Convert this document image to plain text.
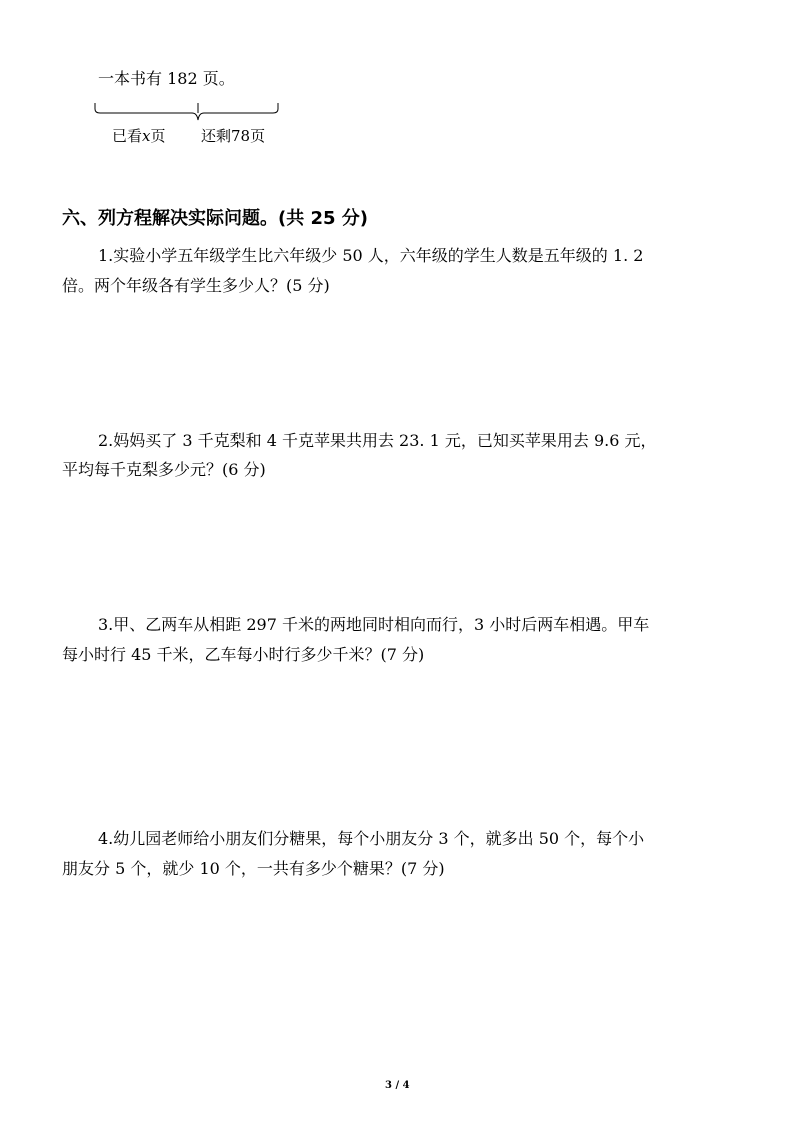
一本书有 182 页。
已看x页 还剩78页
六、列方程解决实际问题。(共 25 分)
1.实验小学五年级学生比六年级少 50 人，六年级的学生人数是五年级的 1. 2
倍。两个年级各有学生多少人？(5 分)
2.妈妈买了 3 千克梨和 4 千克苹果共用去 23. 1 元，已知买苹果用去 9.6 元，
平均每千克梨多少元？(6 分)
3.甲、乙两车从相距 297 千米的两地同时相向而行，3 小时后两车相遇。甲车
每小时行 45 千米，乙车每小时行多少千米？(7 分)
4.幼儿园老师给小朋友们分糖果，每个小朋友分 3 个，就多出 50 个，每个小
朋友分 5 个，就少 10 个，一共有多少个糖果？(7 分)
3 / 4
